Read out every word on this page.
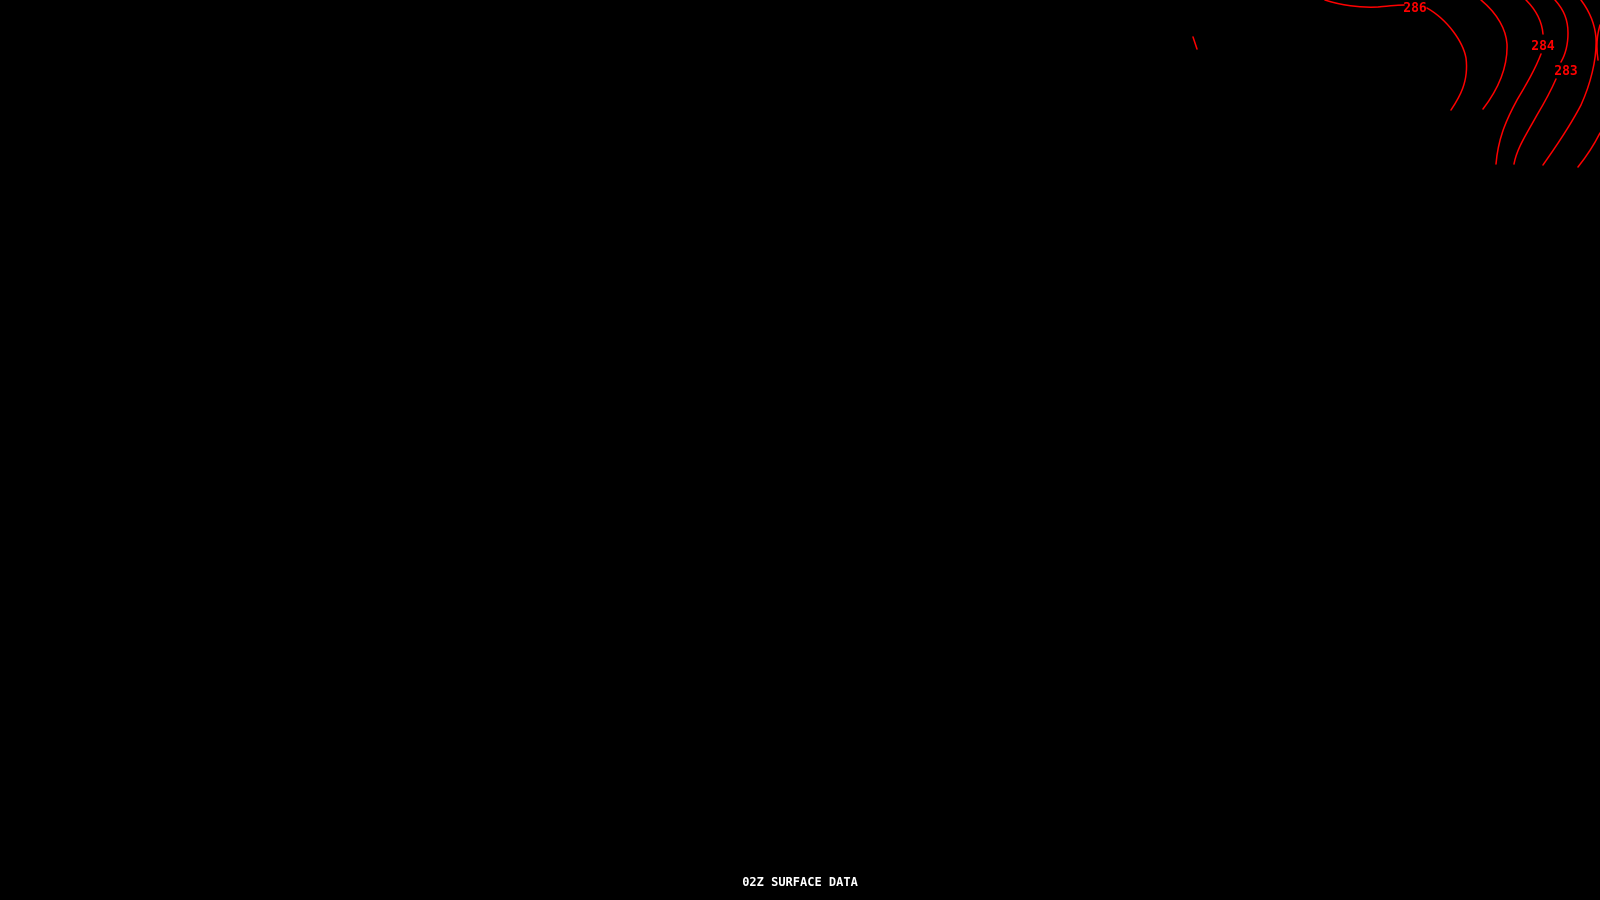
286
284
283
02Z SURFACE DATA
